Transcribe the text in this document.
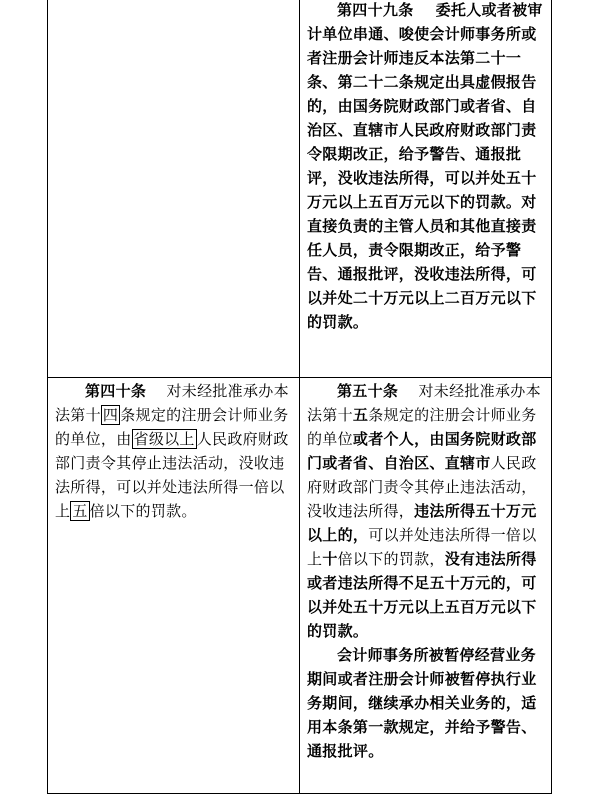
第四十九条 委托人或者被审计单位串通、唆使会计师事务所或者注册会计师违反本法第二十一条、第二十二条规定出具虚假报告的，由国务院财政部门或者省、自治区、直辖市人民政府财政部门责令限期改正，给予警告、通报批评，没收违法所得，可以并处五十万元以上五百万元以下的罚款。对直接负责的主管人员和其他直接责任人员，责令限期改正，给予警告、通报批评，没收违法所得，可以并处二十万元以上二百万元以下的罚款。

第四十条 对未经批准承办本法第十 四 条规定的注册会计师业务的单位，由 省级以上 人民政府财政部门责令其停止违法活动，没收违法所得，可以并处违法所得一倍以上 五 倍以下的罚款。

第五十条 对未经批准承办本法第十五条规定的注册会计师业务的单位或者个人，由国务院财政部门或者省、自治区、直辖市人民政府财政部门责令其停止违法活动，没收违法所得，违法所得五十万元以上的，可以并处违法所得一倍以上十倍以下的罚款，没有违法所得或者违法所得不足五十万元的，可以并处五十万元以上五百万元以下的罚款。

会计师事务所被暂停经营业务期间或者注册会计师被暂停执行业务期间，继续承办相关业务的，适用本条第一款规定，并给予警告、通报批评。
